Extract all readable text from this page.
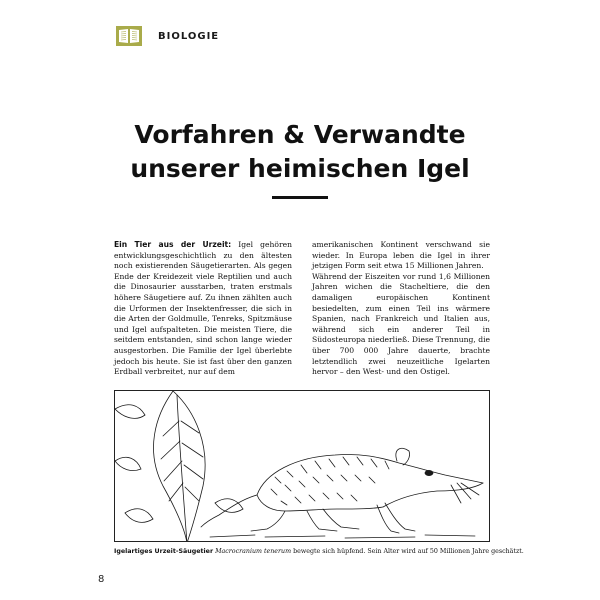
BIOLOGIE
Vorfahren & Verwandte
unserer heimischen Igel

Ein Tier aus der Urzeit: Igel gehören entwicklungsgeschichtlich zu den ältesten noch existierenden Säugetierarten. Als gegen Ende der Kreidezeit viele Reptilien und auch die Dinosaurier ausstarben, traten erstmals höhere Säugetiere auf. Zu ihnen zählten auch die Urformen der Insektenfresser, die sich in die Arten der Goldmulle, Tenreks, Spitzmäuse und Igel aufspalteten. Die meisten Tiere, die seitdem entstanden, sind schon lange wieder ausgestorben. Die Familie der Igel überlebte jedoch bis heute. Sie ist fast über den ganzen Erdball verbreitet, nur auf dem

amerikanischen Kontinent verschwand sie wieder. In Europa leben die Igel in ihrer jetzigen Form seit etwa 15 Millionen Jahren.
Während der Eiszeiten vor rund 1,6 Millionen Jahren wichen die Stacheltiere, die den damaligen europäischen Kontinent besiedelten, zum einen Teil ins wärmere Spanien, nach Frankreich und Italien aus, während sich ein anderer Teil in Südosteuropa niederließ. Diese Trennung, die über 700 000 Jahre dauerte, brachte letztendlich zwei neuzeitliche Igelarten hervor – den West- und den Ostigel.

Igelartiges Urzeit-Säugetier Macrocranium tenerum bewegte sich hüpfend. Sein Alter wird auf 50 Millionen Jahre geschätzt.

8
